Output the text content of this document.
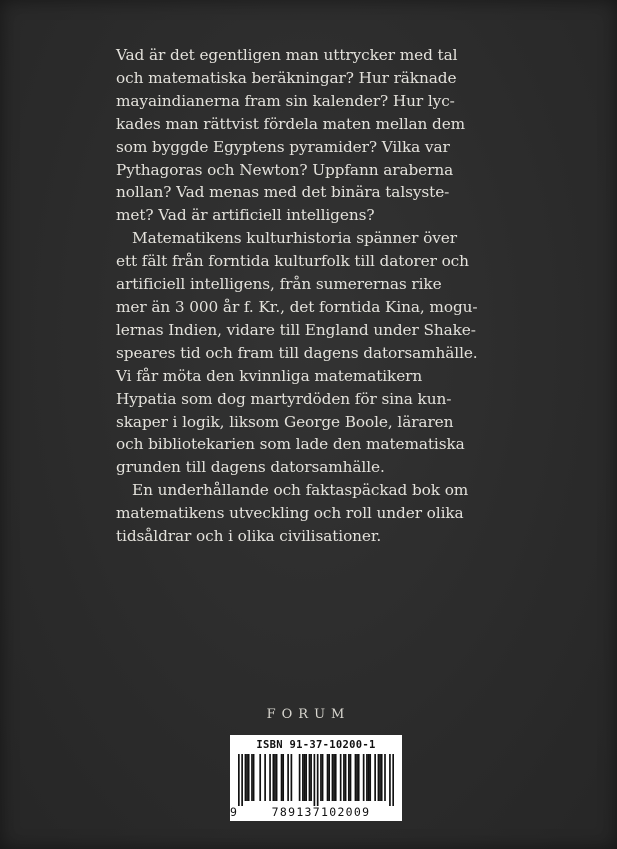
Vad är det egentligen man uttrycker med tal
och matematiska beräkningar? Hur räknade
mayaindianerna fram sin kalender? Hur lyc-
kades man rättvist fördela maten mellan dem
som byggde Egyptens pyramider? Vilka var
Pythagoras och Newton? Uppfann araberna
nollan? Vad menas med det binära talsyste-
met? Vad är artificiell intelligens?
Matematikens kulturhistoria spänner över
ett fält från forntida kulturfolk till datorer och
artificiell intelligens, från sumerernas rike
mer än 3 000 år f. Kr., det forntida Kina, mogu-
lernas Indien, vidare till England under Shake-
speares tid och fram till dagens datorsamhälle.
Vi får möta den kvinnliga matematikern
Hypatia som dog martyrdöden för sina kun-
skaper i logik, liksom George Boole, läraren
och bibliotekarien som lade den matematiska
grunden till dagens datorsamhälle.
En underhållande och faktaspäckad bok om
matematikens utveckling och roll under olika
tidsåldrar och i olika civilisationer.
FORUM
ISBN 91-37-10200-1
9	789137102009
